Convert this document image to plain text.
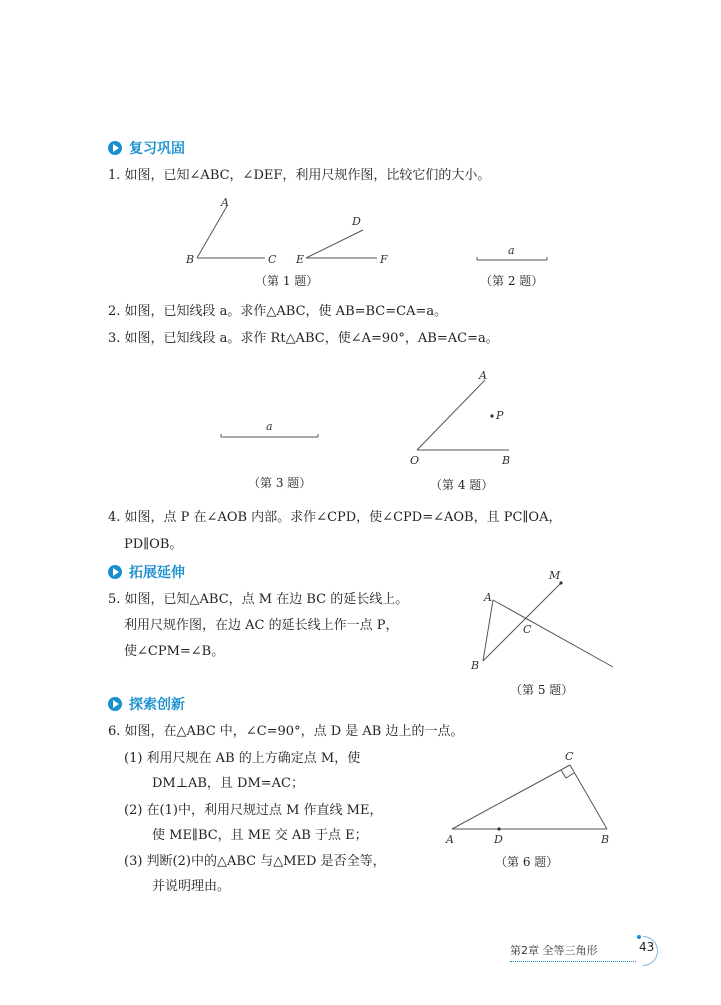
复习巩固
1. 如图，已知∠ABC，∠DEF，利用尺规作图，比较它们的大小。
A
B	C
D
E	F
（第 1 题）
a
（第 2 题）
2. 如图，已知线段 a。求作△ABC，使 AB=BC=CA=a。
3. 如图，已知线段 a。求作 Rt△ABC，使∠A=90°，AB=AC=a。
a
（第 3 题）
A
P
O	B
（第 4 题）
4. 如图，点 P 在∠AOB 内部。求作∠CPD，使∠CPD=∠AOB，且 PC∥OA，
PD∥OB。
拓展延伸
5. 如图，已知△ABC，点 M 在边 BC 的延长线上。
利用尺规作图，在边 AC 的延长线上作一点 P，
使∠CPM=∠B。
A
B
C
M
（第 5 题）
探索创新
6. 如图，在△ABC 中，∠C=90°，点 D 是 AB 边上的一点。
(1) 利用尺规在 AB 的上方确定点 M，使
DM⊥AB，且 DM=AC；
(2) 在(1)中，利用尺规过点 M 作直线 ME，
使 ME∥BC，且 ME 交 AB 于点 E；
(3) 判断(2)中的△ABC 与△MED 是否全等，
并说明理由。
A	D	B
C
（第 6 题）
第2章 全等三角形	43
